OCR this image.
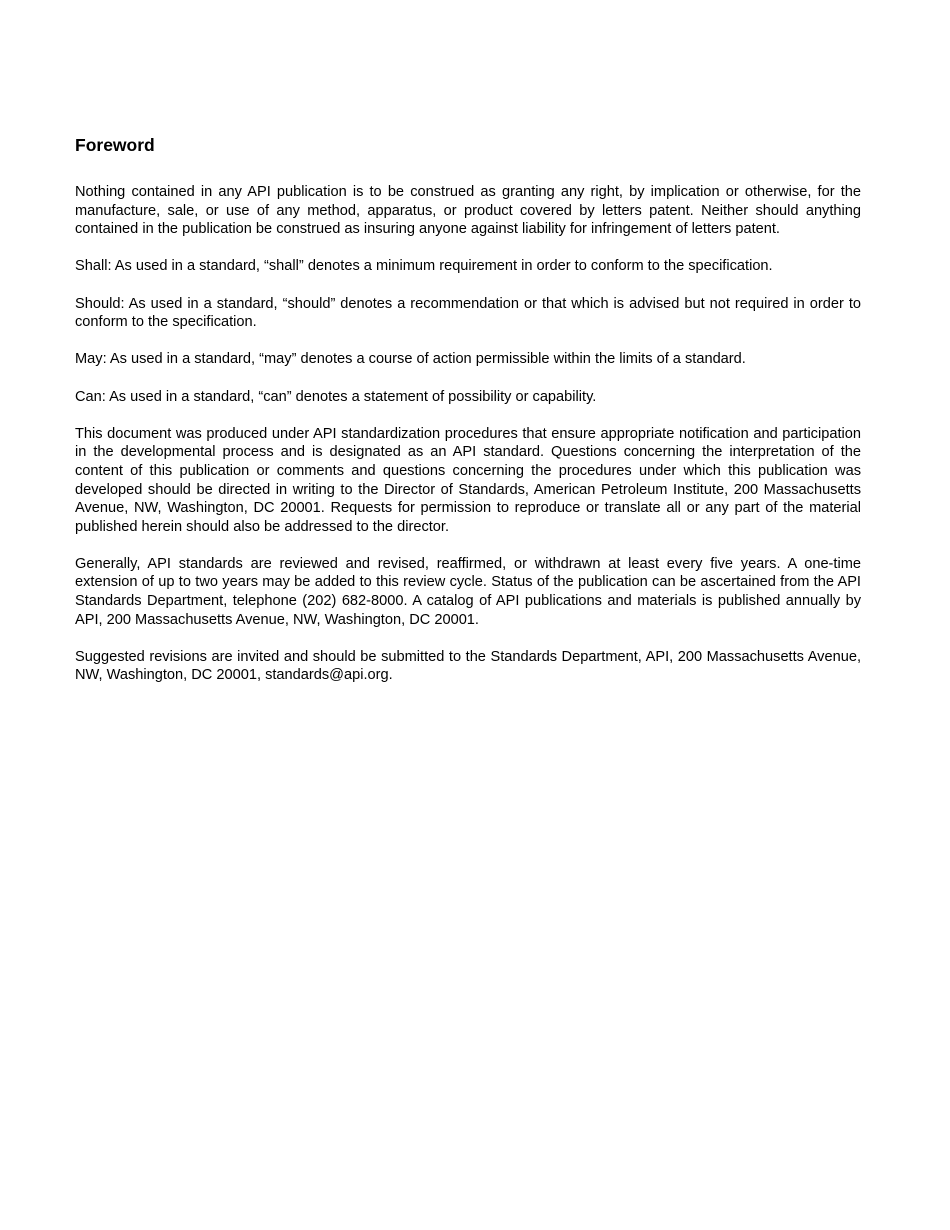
Foreword

Nothing contained in any API publication is to be construed as granting any right, by implication or otherwise, for the manufacture, sale, or use of any method, apparatus, or product covered by letters patent. Neither should anything contained in the publication be construed as insuring anyone against liability for infringement of letters patent.

Shall: As used in a standard, “shall” denotes a minimum requirement in order to conform to the specification.

Should: As used in a standard, “should” denotes a recommendation or that which is advised but not required in order to conform to the specification.

May: As used in a standard, “may” denotes a course of action permissible within the limits of a standard.

Can: As used in a standard, “can” denotes a statement of possibility or capability.

This document was produced under API standardization procedures that ensure appropriate notification and participation in the developmental process and is designated as an API standard. Questions concerning the interpretation of the content of this publication or comments and questions concerning the procedures under which this publication was developed should be directed in writing to the Director of Standards, American Petroleum Institute, 200 Massachusetts Avenue, NW, Washington, DC 20001. Requests for permission to reproduce or translate all or any part of the material published herein should also be addressed to the director.

Generally, API standards are reviewed and revised, reaffirmed, or withdrawn at least every five years. A one-time extension of up to two years may be added to this review cycle. Status of the publication can be ascertained from the API Standards Department, telephone (202) 682-8000. A catalog of API publications and materials is published annually by API, 200 Massachusetts Avenue, NW, Washington, DC 20001.

Suggested revisions are invited and should be submitted to the Standards Department, API, 200 Massachusetts Avenue, NW, Washington, DC 20001, standards@api.org.
